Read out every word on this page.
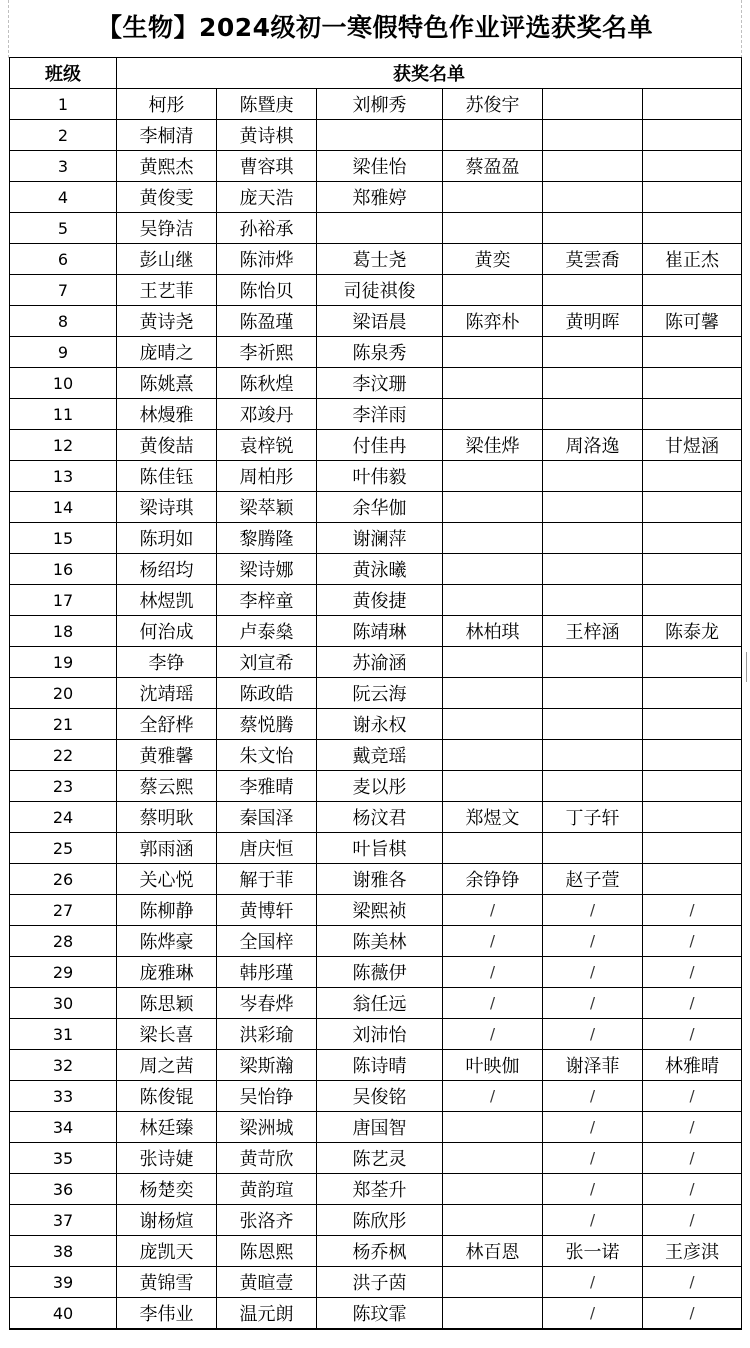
【生物】2024级初一寒假特色作业评选获奖名单
班级	获奖名单					
1	柯彤	陈暨庚	刘柳秀	苏俊宇		
2	李桐清	黄诗棋				
3	黄熙杰	曹容琪	梁佳怡	蔡盈盈		
4	黄俊雯	庞天浩	郑雅婷			
5	吴铮洁	孙裕承				
6	彭山继	陈沛烨	葛士尧	黄奕	莫雲喬	崔正杰
7	王艺菲	陈怡贝	司徒祺俊			
8	黄诗尧	陈盈瑾	梁语晨	陈弈朴	黄明晖	陈可馨
9	庞晴之	李祈熙	陈泉秀			
10	陈姚熹	陈秋煌	李汶珊			
11	林熳雅	邓竣丹	李洋雨			
12	黄俊喆	袁梓锐	付佳冉	梁佳烨	周洛逸	甘煜涵
13	陈佳钰	周柏彤	叶伟毅			
14	梁诗琪	梁萃颖	余华伽			
15	陈玥如	黎腾隆	谢澜萍			
16	杨绍均	梁诗娜	黄泳曦			
17	林煜凯	李梓童	黄俊捷			
18	何治成	卢泰燊	陈靖琳	林柏琪	王梓涵	陈泰龙
19	李铮	刘宣希	苏渝涵			
20	沈靖瑶	陈政皓	阮云海			
21	全舒桦	蔡悦腾	谢永权			
22	黄雅馨	朱文怡	戴竞瑶			
23	蔡云熙	李雅晴	麦以彤			
24	蔡明耿	秦国泽	杨汶君	郑煜文	丁子轩	
25	郭雨涵	唐庆恒	叶旨棋			
26	关心悦	解于菲	谢雅各	余铮铮	赵子萱	
27	陈柳静	黄博轩	梁熙祯	/	/	/
28	陈烨豪	全国梓	陈美林	/	/	/
29	庞雅琳	韩彤瑾	陈薇伊	/	/	/
30	陈思颖	岑春烨	翁任远	/	/	/
31	梁长喜	洪彩瑜	刘沛怡	/	/	/
32	周之茜	梁斯瀚	陈诗晴	叶映伽	谢泽菲	林雅晴
33	陈俊锟	吴怡铮	吴俊铭	/	/	/
34	林廷臻	梁洲城	唐国智		/	/
35	张诗婕	黄苛欣	陈艺灵		/	/
36	杨楚奕	黄韵瑄	郑荃升		/	/
37	谢杨煊	张洛齐	陈欣彤		/	/
38	庞凯天	陈恩熙	杨乔枫	林百恩	张一诺	王彦淇
39	黄锦雪	黄暄壹	洪子茵		/	/
40	李伟业	温元朗	陈玟霏		/	/
